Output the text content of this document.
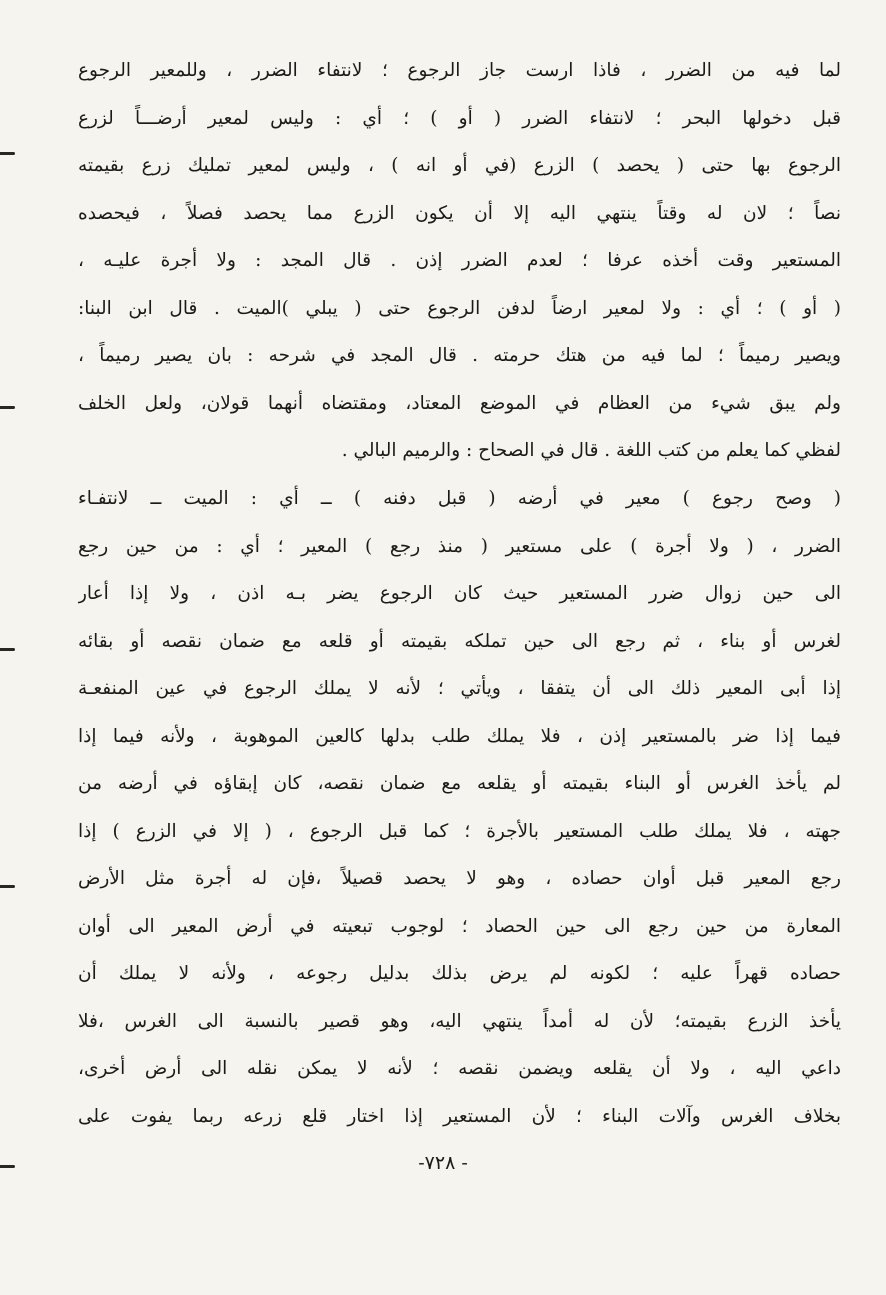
لما فيه من الضرر ، فاذا ارست جاز الرجوع ؛ لانتفاء الضرر ، وللمعير الرجوع
قبل دخولها البحر ؛ لانتفاء الضرر ( أو ) ؛ أي : وليس لمعير أرضـــاً لزرع
الرجوع بها حتى ( يحصد ) الزرع (في أو انه ) ، وليس لمعير تمليك زرع بقيمته
نصاً ؛ لان له وقتاً ينتهي اليه إلا أن يكون الزرع مما يحصد فصلاً ، فيحصده
المستعير وقت أخذه عرفا ؛ لعدم الضرر إذن . قال المجد : ولا أجرة عليـه ،
( أو ) ؛ أي : ولا لمعير ارضاً لدفن الرجوع حتى ( يبلي )الميت . قال ابن البنا:
ويصير رميماً ؛ لما فيه من هتك حرمته . قال المجد في شرحه : بان يصير رميماً ،
ولم يبق شيء من العظام في الموضع المعتاد، ومقتضاه أنهما قولان، ولعل الخلف
لفظي كما يعلم من كتب اللغة . قال في الصحاح : والرميم البالي .
( وصح رجوع ) معير في أرضه ( قبل دفنه ) ــ أي : الميت ــ لانتفـاء
الضرر ، ( ولا أجرة ) على مستعير ( منذ رجع ) المعير ؛ أي : من حين رجع
الى حين زوال ضرر المستعير حيث كان الرجوع يضر بـه اذن ، ولا إذا أعار
لغرس أو بناء ، ثم رجع الى حين تملكه بقيمته أو قلعه مع ضمان نقصه أو بقائه
إذا أبى المعير ذلك الى أن يتفقا ، ويأتي ؛ لأنه لا يملك الرجوع في عين المنفعـة
فيما إذا ضر بالمستعير إذن ، فلا يملك طلب بدلها كالعين الموهوبة ، ولأنه فيما إذا
لم يأخذ الغرس أو البناء بقيمته أو يقلعه مع ضمان نقصه، كان إبقاؤه في أرضه من
جهته ، فلا يملك طلب المستعير بالأجرة ؛ كما قبل الرجوع ، ( إلا في الزرع ) إذا
رجع المعير قبل أوان حصاده ، وهو لا يحصد قصيلاً ،فإن له أجرة مثل الأرض
المعارة من حين رجع الى حين الحصاد ؛ لوجوب تبعيته في أرض المعير الى أوان
حصاده قهراً عليه ؛ لكونه لم يرض بذلك بدليل رجوعه ، ولأنه لا يملك أن
يأخذ الزرع بقيمته؛ لأن له أمداً ينتهي اليه، وهو قصير بالنسبة الى الغرس ،فلا
داعي اليه ، ولا أن يقلعه ويضمن نقصه ؛ لأنه لا يمكن نقله الى أرض أخرى،
بخلاف الغرس وآلات البناء ؛ لأن المستعير إذا اختار قلع زرعه ربما يفوت على
-٧٢٨ -
